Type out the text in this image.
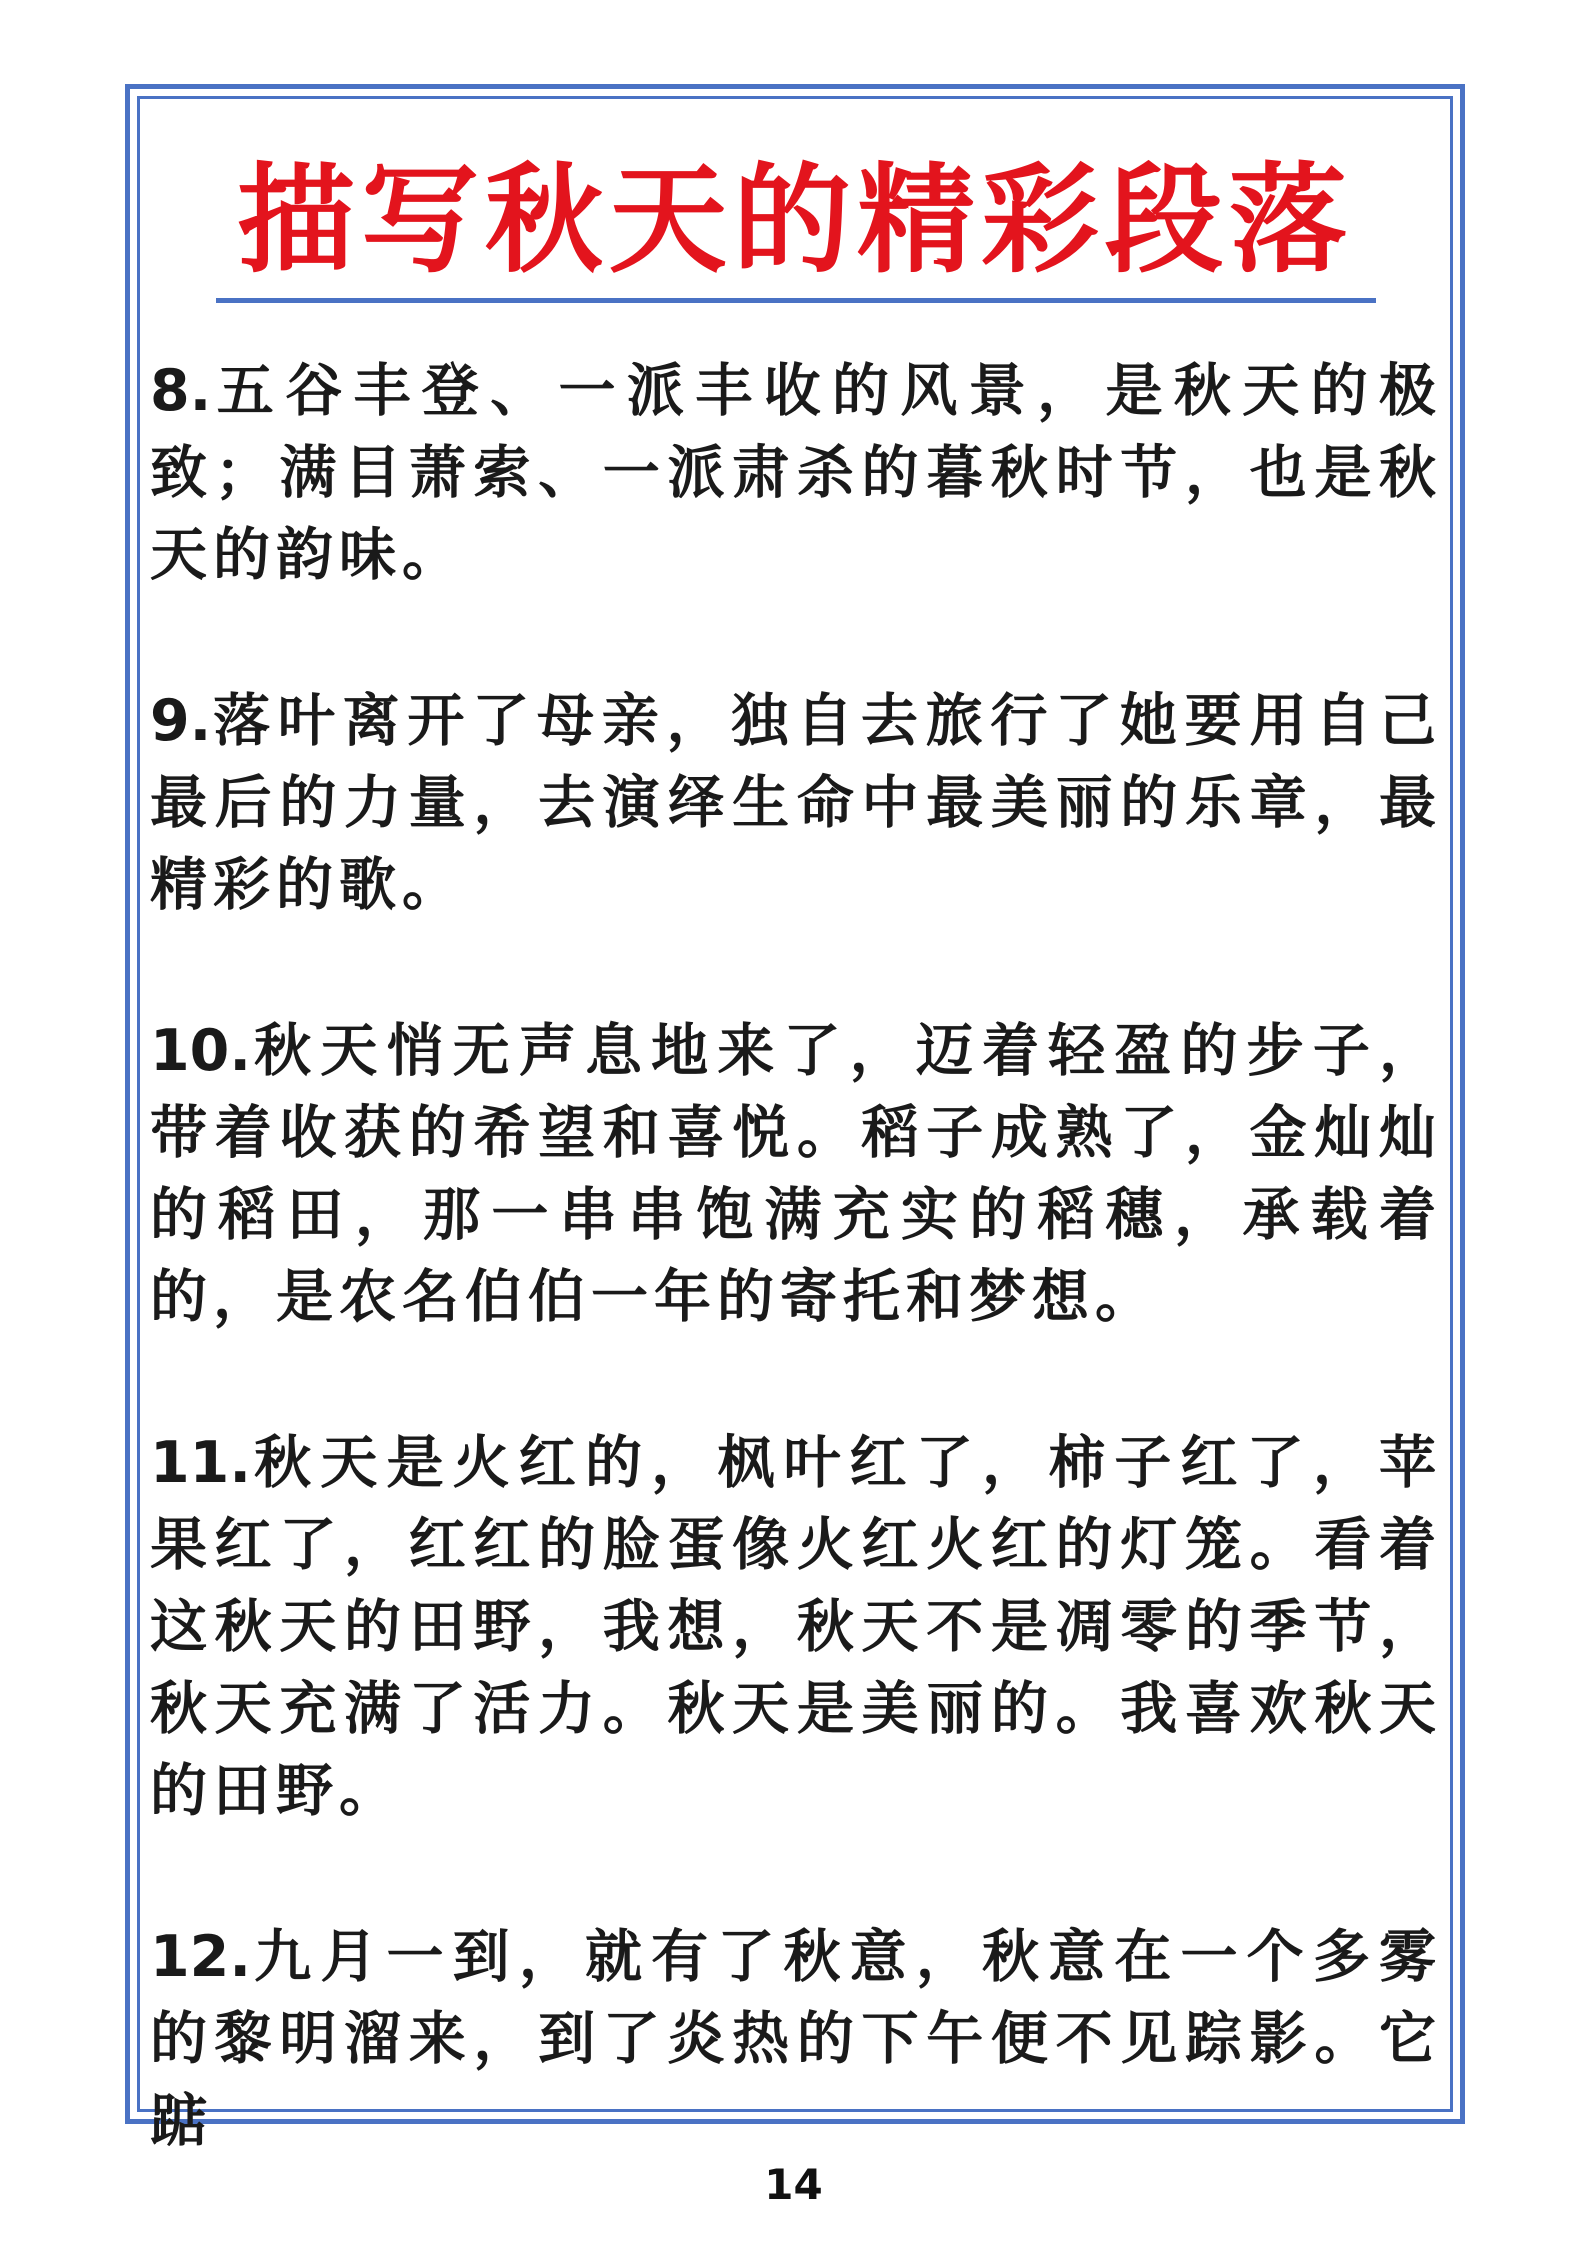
描写秋天的精彩段落

8.五谷丰登、一派丰收的风景，是秋天的极致；满目萧索、一派肃杀的暮秋时节，也是秋天的韵味。

9.落叶离开了母亲，独自去旅行了她要用自己最后的力量，去演绎生命中最美丽的乐章，最精彩的歌。

10.秋天悄无声息地来了，迈着轻盈的步子，带着收获的希望和喜悦。稻子成熟了，金灿灿的稻田，那一串串饱满充实的稻穗，承载着的，是农名伯伯一年的寄托和梦想。

11.秋天是火红的，枫叶红了，柿子红了，苹果红了，红红的脸蛋像火红火红的灯笼。看着这秋天的田野，我想，秋天不是凋零的季节，秋天充满了活力。秋天是美丽的。我喜欢秋天的田野。

12.九月一到，就有了秋意，秋意在一个多雾的黎明溜来，到了炎热的下午便不见踪影。它踮

14
